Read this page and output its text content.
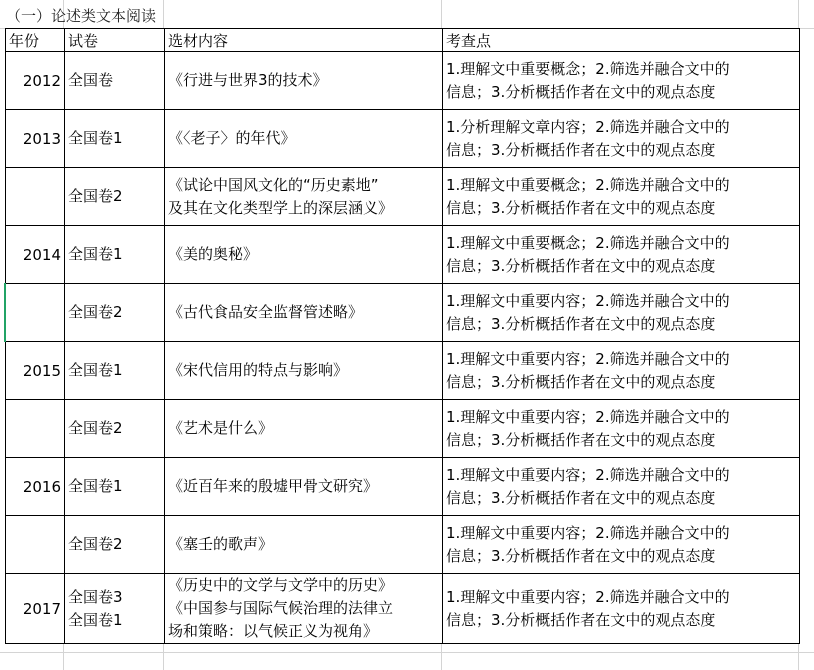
（一）论述类文本阅读
年份	试卷	选材内容	考查点
2012	全国卷	《行进与世界3的技术》	1.理解文中重要概念；2.筛选并融合文中的
信息；3.分析概括作者在文中的观点态度

2013	全国卷1	《〈老子〉的年代》	1.分析理解文章内容；2.筛选并融合文中的
信息；3.分析概括作者在文中的观点态度

	全国卷2	《试论中国风文化的“历史素地”
及其在文化类型学上的深层涵义》	1.理解文中重要概念；2.筛选并融合文中的
信息；3.分析概括作者在文中的观点态度

2014	全国卷1	《美的奥秘》	1.理解文中重要概念；2.筛选并融合文中的
信息；3.分析概括作者在文中的观点态度

	全国卷2	《古代食品安全监督管述略》	1.理解文中重要内容；2.筛选并融合文中的
信息；3.分析概括作者在文中的观点态度

2015	全国卷1	《宋代信用的特点与影响》	1.理解文中重要内容；2.筛选并融合文中的
信息；3.分析概括作者在文中的观点态度

	全国卷2	《艺术是什么》	1.理解文中重要内容；2.筛选并融合文中的
信息；3.分析概括作者在文中的观点态度

2016	全国卷1	《近百年来的殷墟甲骨文研究》	1.理解文中重要内容；2.筛选并融合文中的
信息；3.分析概括作者在文中的观点态度

	全国卷2	《塞壬的歌声》	1.理解文中重要内容；2.筛选并融合文中的
信息；3.分析概括作者在文中的观点态度

2017	全国卷3
全国卷1	《历史中的文学与文学中的历史》
《中国参与国际气候治理的法律立
场和策略：以气候正义为视角》	1.理解文中重要内容；2.筛选并融合文中的
信息；3.分析概括作者在文中的观点态度
